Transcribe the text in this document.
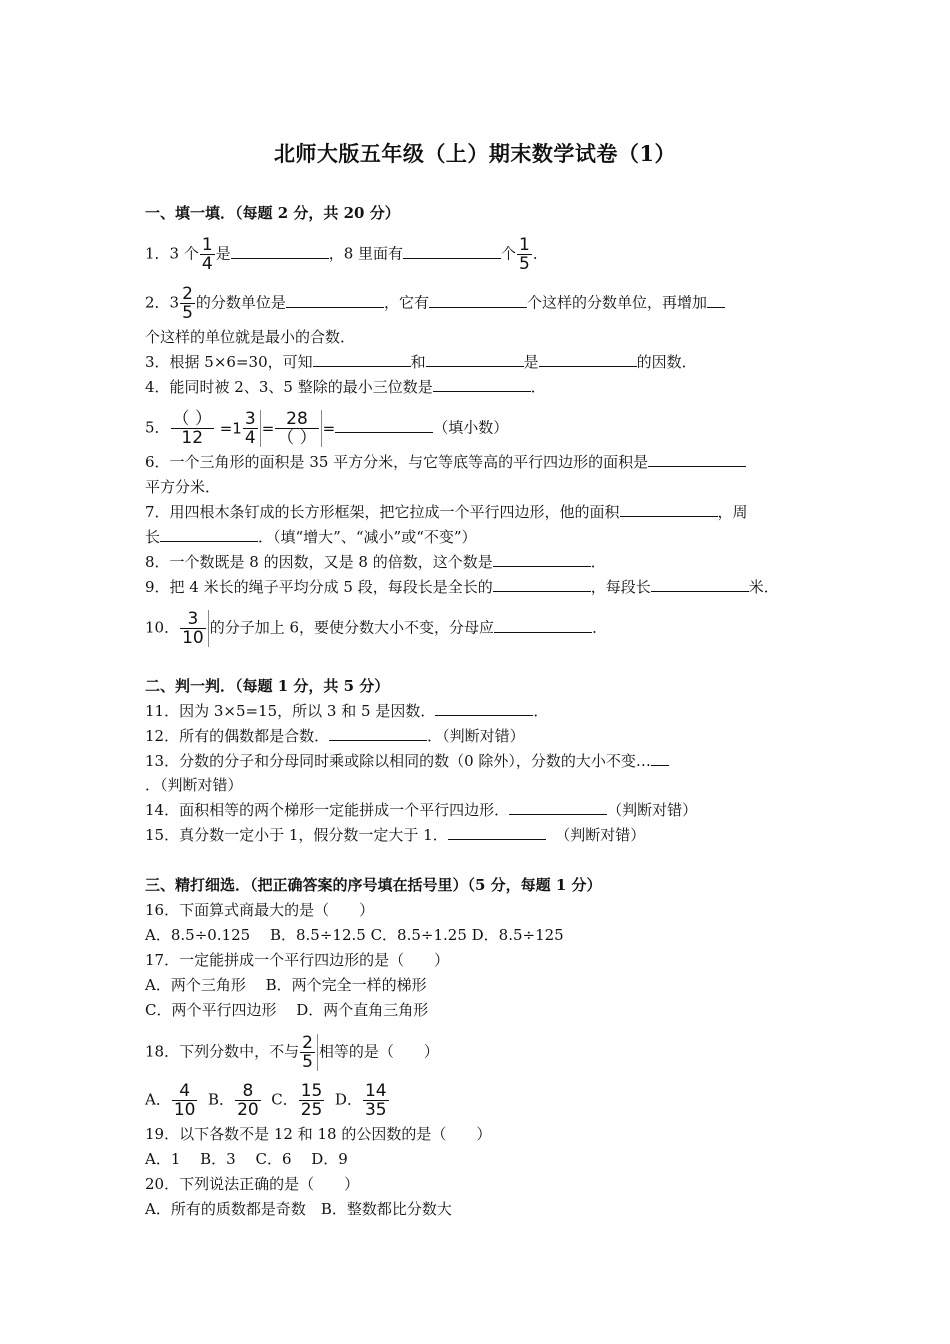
北师大版五年级（上）期末数学试卷（1）
一、填一填．（每题 2 分，共 20 分）
1．3 个 $\frac{1}{4}$ 是	，8 里面有	个 $\frac{1}{5}$ ．
2．$3 \frac{2}{5}$ 的分数单位是	，它有	个这样的分数单位，再增加
个这样的单位就是最小的合数．
3．根据 5×6=30，可知	和	是	的因数．
4．能同时被 2、3、5 整除的最小三位数是	．
5． $\frac{( )}{12} =1 \frac{3}{4} = \frac{28}{( )}$ =	（填小数）
6．一个三角形的面积是 35 平方分米，与它等底等高的平行四边形的面积是
平方分米．
7．用四根木条钉成的长方形框架，把它拉成一个平行四边形，他的面积	，周
长	．（填“增大”、“减小”或“不变”）
8．一个数既是 8 的因数，又是 8 的倍数，这个数是	．
9．把 4 米长的绳子平均分成 5 段，每段长是全长的	，每段长	米．
10． $\frac{3}{10}$ 的分子加上 6，要使分数大小不变，分母应	．
二、判一判．（每题 1 分，共 5 分）
11．因为 3×5=15，所以 3 和 5 是因数．	．
12．所有的偶数都是合数．	．（判断对错）
13．分数的分子和分母同时乘或除以相同的数（0 除外），分数的大小不变…
．（判断对错）
14．面积相等的两个梯形一定能拼成一个平行四边形．	（判断对错）
15．真分数一定小于 1，假分数一定大于 1．	（判断对错）
三、精打细选．（把正确答案的序号填在括号里）（5 分，每题 1 分）
16．下面算式商最大的是（　　）
A．8.5÷0.125　 B．8.5÷12.5 C．8.5÷1.25 D．8.5÷125
17．一定能拼成一个平行四边形的是（　　）
A．两个三角形　 B．两个完全一样的梯形
C．两个平行四边形　 D．两个直角三角形
18．下列分数中，不与 $\frac{2}{5}$ 相等的是（　　）
A． $\frac{4}{10}$ B． $\frac{8}{20}$ C． $\frac{15}{25}$ D． $\frac{14}{35}$
19．以下各数不是 12 和 18 的公因数的是（　　）
A．1　 B．3　 C．6　 D．9
20．下列说法正确的是（　　）
A．所有的质数都是奇数　B．整数都比分数大
